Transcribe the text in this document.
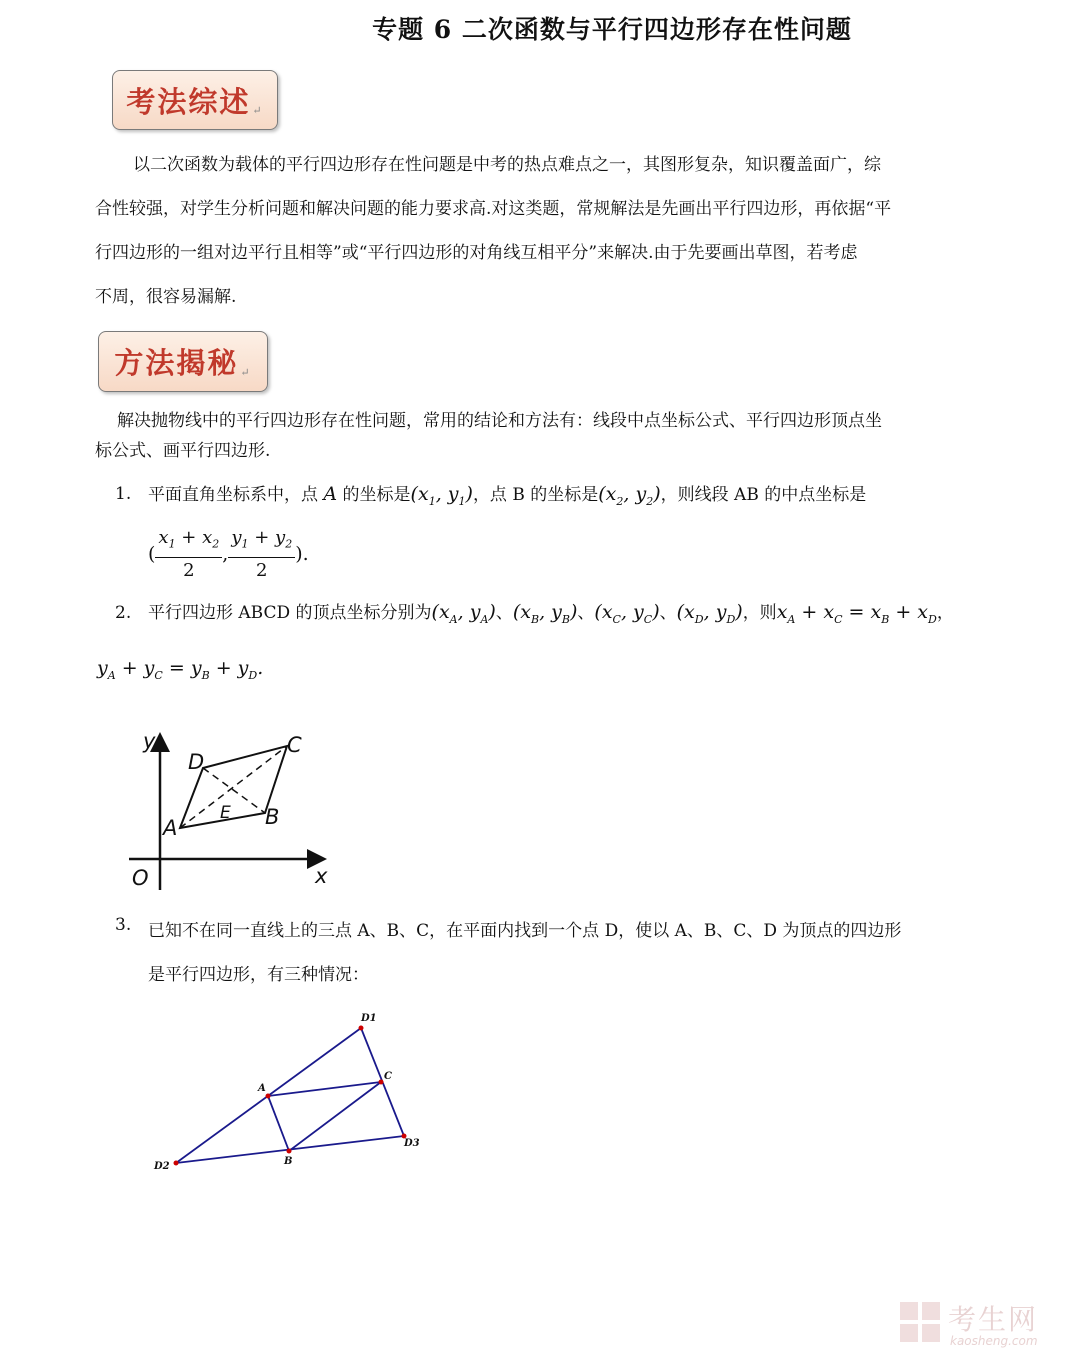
专题 6 二次函数与平行四边形存在性问题
考法综述 ↵
以二次函数为载体的平行四边形存在性问题是中考的热点难点之一，其图形复杂，知识覆盖面广，综
合性较强，对学生分析问题和解决问题的能力要求高.对这类题，常规解法是先画出平行四边形，再依据“平
行四边形的一组对边平行且相等”或“平行四边形的对角线互相平分”来解决.由于先要画出草图，若考虑
不周，很容易漏解.
方法揭秘 ↵
解决抛物线中的平行四边形存在性问题，常用的结论和方法有：线段中点坐标公式、平行四边形顶点坐
标公式、画平行四边形.
1. 平面直角坐标系中，点 A 的坐标是($x_1$, $y_1$)，点 B 的坐标是($x_2$, $y_2$)，则线段 AB 的中点坐标是
( $\frac{x_1 + x_2}{2}$ , $\frac{y_1 + y_2}{2}$ ).
2. 平行四边形 ABCD 的顶点坐标分别为($x_A$, $y_A$)、($x_B$, $y_B$)、($x_C$, $y_C$)、($x_D$, $y_D$)，则$x_A + x_C = x_B + x_D$，
$y_A + y_C = y_B + y_D$.
y
x
O
A	B
C
D
E
3. 已知不在同一直线上的三点 A、B、C，在平面内找到一个点 D，使以 A、B、C、D 为顶点的四边形
是平行四边形，有三种情况：
D1
D2
D3
A
B
C
考生网
kaosheng.com
